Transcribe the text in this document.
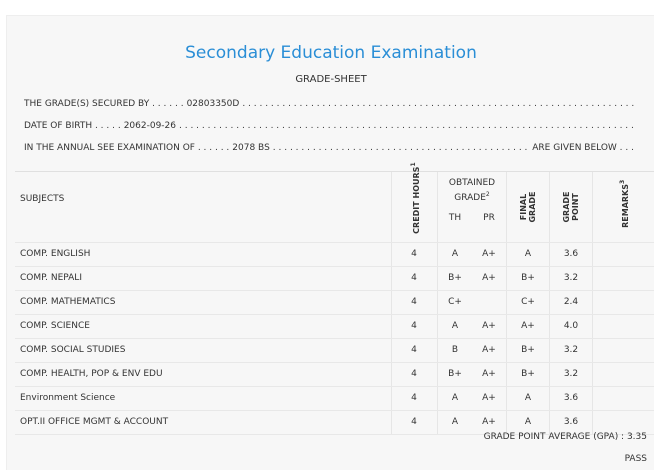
Secondary Education Examination
GRADE-SHEET
THE GRADE(S) SECURED BY . . . . . . 02803350D
. . .
DATE OF BIRTH . . . . . 2062-09-26
. . .
IN THE ANNUAL SEE EXAMINATION OF . . . . . . 2078 BS
. . .	ARE GIVEN BELOW . . .
SUBJECTS	CREDIT HOURS$^1$
OBTAINED GRADE$^2$
TH	PR	FINAL GRADE	GRADE POINT	REMARKS$^3$
COMP. ENGLISH	4	A	A+	A	3.6
COMP. NEPALI	4	B+	A+	B+	3.2
COMP. MATHEMATICS	4	C+	C+	2.4
COMP. SCIENCE	4	A	A+	A+	4.0
COMP. SOCIAL STUDIES	4	B	A+	B+	3.2
COMP. HEALTH, POP & ENV EDU	4	B+	A+	B+	3.2
Environment Science	4	A	A+	A	3.6
OPT.II OFFICE MGMT & ACCOUNT	4	A	A+	A	3.6
GRADE POINT AVERAGE (GPA) : 3.35
PASS
